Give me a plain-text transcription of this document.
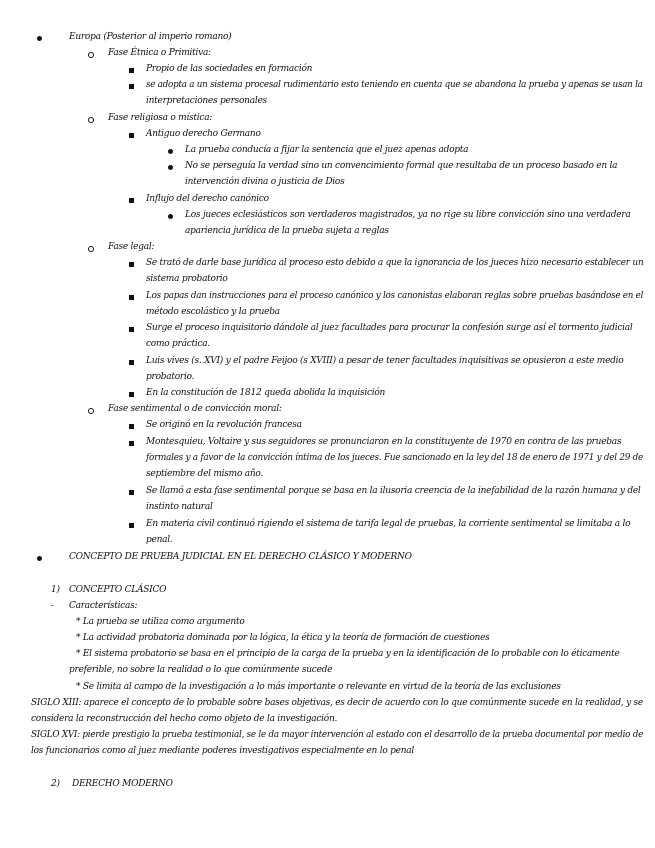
Europa (Posterior al imperio romano)
Fase Étnica o Primitiva:
Propio de las sociedades en formación
se adopta a un sistema procesal rudimentario esto teniendo en cuenta que se abandona la prueba y apenas se usan la
interpretaciones personales
Fase religiosa o mística:
Antiguo derecho Germano
La prueba conducía a fijar la sentencia que el juez apenas adopta
No se perseguía la verdad sino un convencimiento formal que resultaba de un proceso basado en la
intervención divina o justicia de Dios
Influjo del derecho canónico
Los jueces eclesiásticos son verdaderos magistrados, ya no rige su libre convicción sino una verdadera
apariencia jurídica de la prueba sujeta a reglas
Fase legal:
Se trató de darle base jurídica al proceso esto debido a que la ignorancia de los jueces hizo necesario establecer un
sistema probatorio
Los papas dan instrucciones para el proceso canónico y los canonistas elaboran reglas sobre pruebas basándose en el
método escolástico y la prueba
Surge el proceso inquisitorio dándole al juez facultades para procurar la confesión surge así el tormento judicial
como práctica.
Luis vives (s. XVI) y el padre Feijoo (s XVIII) a pesar de tener facultades inquisitivas se opusieron a este medio
probatorio.
En la constitución de 1812 queda abolida la inquisición
Fase sentimental o de convicción moral:
Se originó en la revolución francesa
Montesquieu, Voltaire y sus seguidores se pronunciaron en la constituyente de 1970 en contra de las pruebas
formales y a favor de la convicción íntima de los jueces. Fue sancionado en la ley del 18 de enero de 1971 y del 29 de
septiembre del mismo año.
Se llamó a esta fase sentimental porque se basa en la ilusoria creencia de la inefabilidad de la razón humana y del
instinto natural
En materia civil continuó rigiendo el sistema de tarifa legal de pruebas, la corriente sentimental se limitaba a lo
penal.
CONCEPTO DE PRUEBA JUDICIAL EN EL DERECHO CLÁSICO Y MODERNO
1) CONCEPTO CLÁSICO
- Características:
* La prueba se utiliza como argumento
* La actividad probatoria dominada por la lógica, la ética y la teoría de formación de cuestiones
* El sistema probatorio se basa en el principio de la carga de la prueba y en la identificación de lo probable con lo éticamente
preferible, no sobre la realidad o lo que comúnmente sucede
* Se limita al campo de la investigación a lo más importante o relevante en virtud de la teoría de las exclusiones
SIGLO XIII: aparece el concepto de lo probable sobre bases objetivas, es decir de acuerdo con lo que comúnmente sucede en la realidad, y se
considera la reconstrucción del hecho como objeto de la investigación.
SIGLO XVI: pierde prestigio la prueba testimonial, se le da mayor intervención al estado con el desarrollo de la prueba documental por medio de
los funcionarios como al juez mediante poderes investigativos especialmente en lo penal
2) DERECHO MODERNO
